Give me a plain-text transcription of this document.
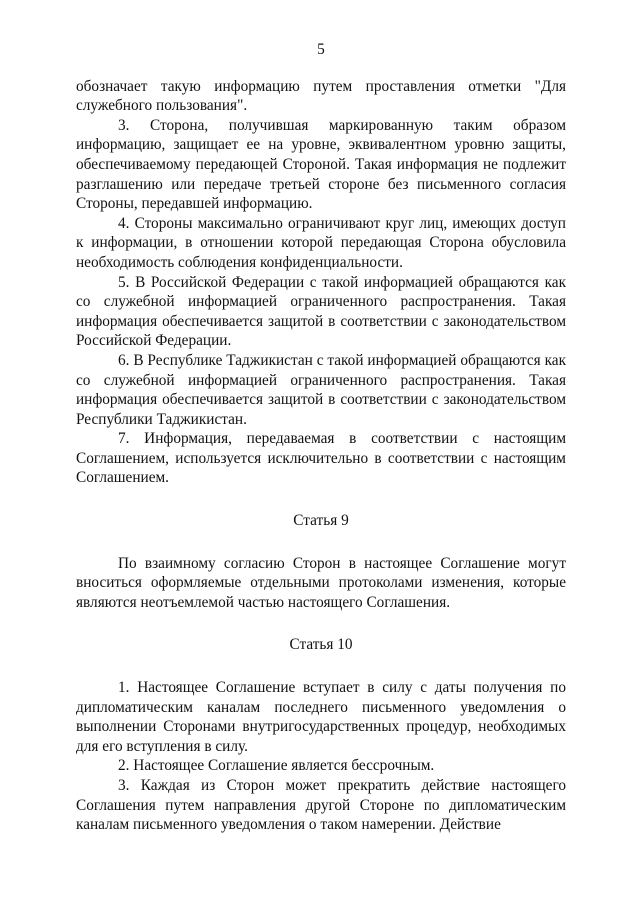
5

обозначает такую информацию путем проставления отметки "Для служебного пользования".

3. Сторона, получившая маркированную таким образом информацию, защищает ее на уровне, эквивалентном уровню защиты, обеспечиваемому передающей Стороной. Такая информация не подлежит разглашению или передаче третьей стороне без письменного согласия Стороны, передавшей информацию.

4. Стороны максимально ограничивают круг лиц, имеющих доступ к информации, в отношении которой передающая Сторона обусловила необходимость соблюдения конфиденциальности.

5. В Российской Федерации с такой информацией обращаются как со служебной информацией ограниченного распространения. Такая информация обеспечивается защитой в соответствии с законодательством Российской Федерации.

6. В Республике Таджикистан с такой информацией обращаются как со служебной информацией ограниченного распространения. Такая информация обеспечивается защитой в соответствии с законодательством Республики Таджикистан.

7. Информация, передаваемая в соответствии с настоящим Соглашением, используется исключительно в соответствии с настоящим Соглашением.

Статья 9

По взаимному согласию Сторон в настоящее Соглашение могут вноситься оформляемые отдельными протоколами изменения, которые являются неотъемлемой частью настоящего Соглашения.

Статья 10

1. Настоящее Соглашение вступает в силу с даты получения по дипломатическим каналам последнего письменного уведомления о выполнении Сторонами внутригосударственных процедур, необходимых для его вступления в силу.

2. Настоящее Соглашение является бессрочным.

3. Каждая из Сторон может прекратить действие настоящего Соглашения путем направления другой Стороне по дипломатическим каналам письменного уведомления о таком намерении. Действие
